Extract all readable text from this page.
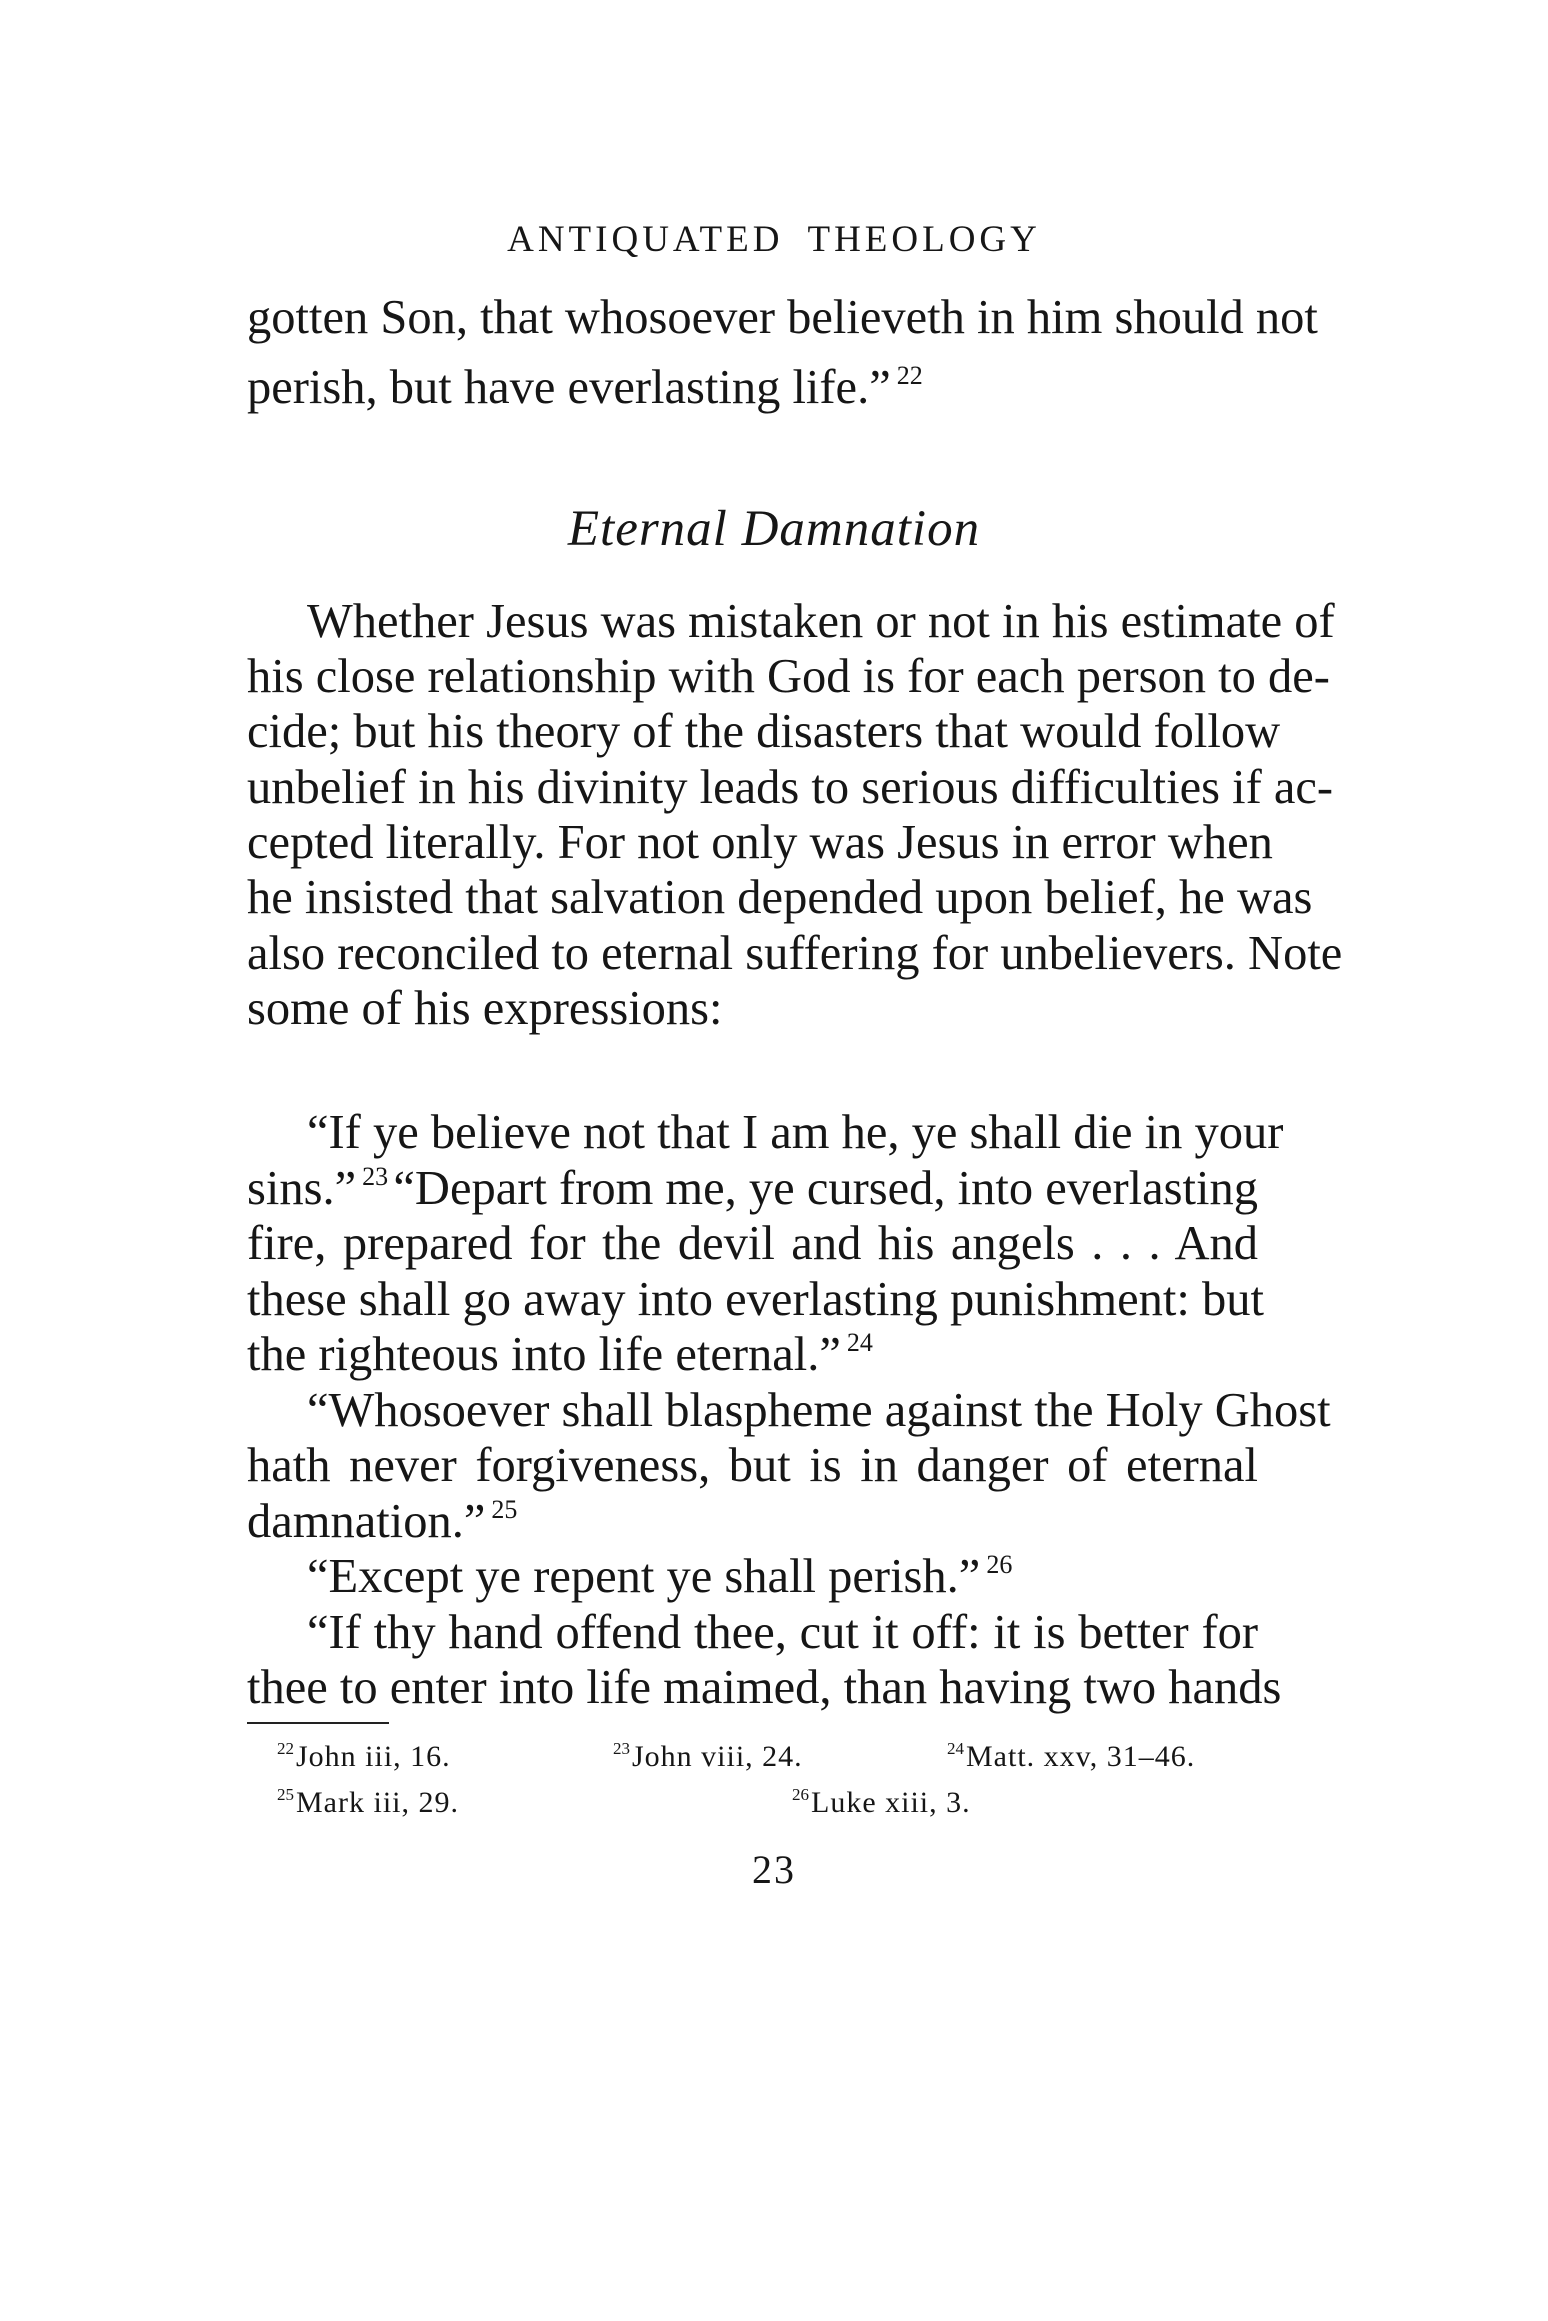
ANTIQUATED THEOLOGY
gotten Son, that whosoever believeth in him should not
perish, but have everlasting life.” $^{22}$
Eternal Damnation
Whether Jesus was mistaken or not in his estimate of
his close relationship with God is for each person to de-
cide; but his theory of the disasters that would follow
unbelief in his divinity leads to serious difficulties if ac-
cepted literally. For not only was Jesus in error when
he insisted that salvation depended upon belief, he was
also reconciled to eternal suffering for unbelievers. Note
some of his expressions:
“If ye believe not that I am he, ye shall die in your
sins.” $^{23}$ “Depart from me, ye cursed, into everlasting
fire, prepared for the devil and his angels . . . And
these shall go away into everlasting punishment: but
the righteous into life eternal.” $^{24}$
“Whosoever shall blaspheme against the Holy Ghost
hath never forgiveness, but is in danger of eternal
damnation.” $^{25}$
“Except ye repent ye shall perish.” $^{26}$
“If thy hand offend thee, cut it off: it is better for
thee to enter into life maimed, than having two hands
$^{22}$John iii, 16.	$^{23}$John viii, 24.	$^{24}$Matt. xxv, 31–46.
$^{25}$Mark iii, 29.	$^{26}$Luke xiii, 3.
23
